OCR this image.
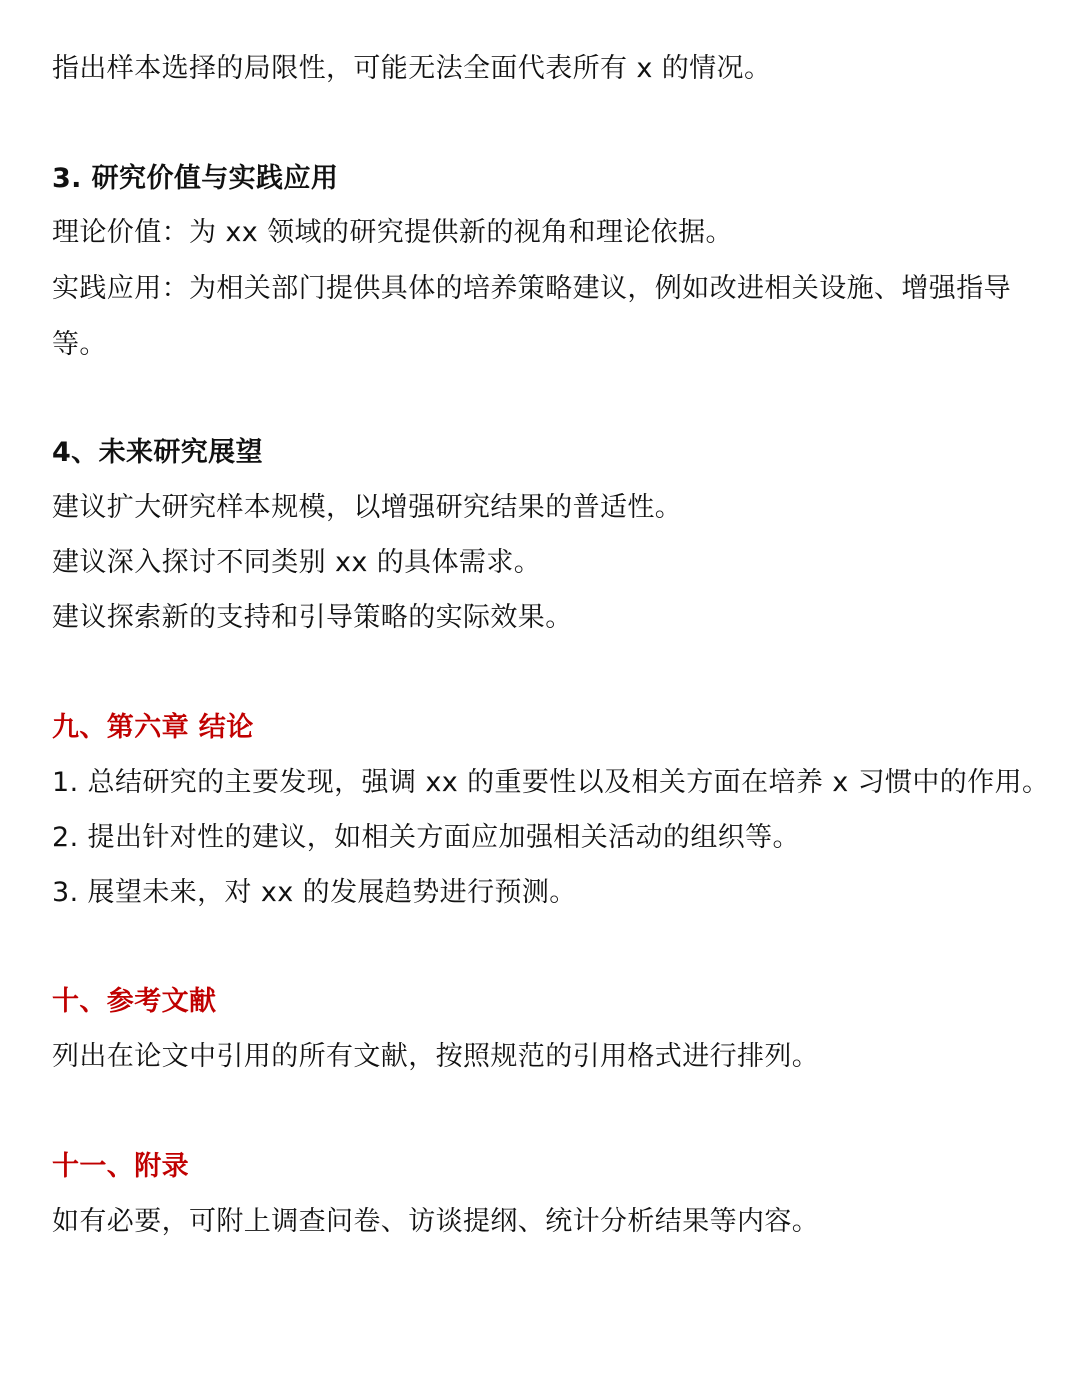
指出样本选择的局限性，可能无法全面代表所有 x 的情况。

3. 研究价值与实践应用

理论价值：为 xx 领域的研究提供新的视角和理论依据。

实践应用：为相关部门提供具体的培养策略建议，例如改进相关设施、增强指导等。

4、未来研究展望

建议扩大研究样本规模，以增强研究结果的普适性。

建议深入探讨不同类别 xx 的具体需求。

建议探索新的支持和引导策略的实际效果。

九、第六章 结论

1. 总结研究的主要发现，强调 xx 的重要性以及相关方面在培养 x 习惯中的作用。

2. 提出针对性的建议，如相关方面应加强相关活动的组织等。

3. 展望未来，对 xx 的发展趋势进行预测。

十、参考文献

列出在论文中引用的所有文献，按照规范的引用格式进行排列。

十一、附录

如有必要，可附上调查问卷、访谈提纲、统计分析结果等内容。
